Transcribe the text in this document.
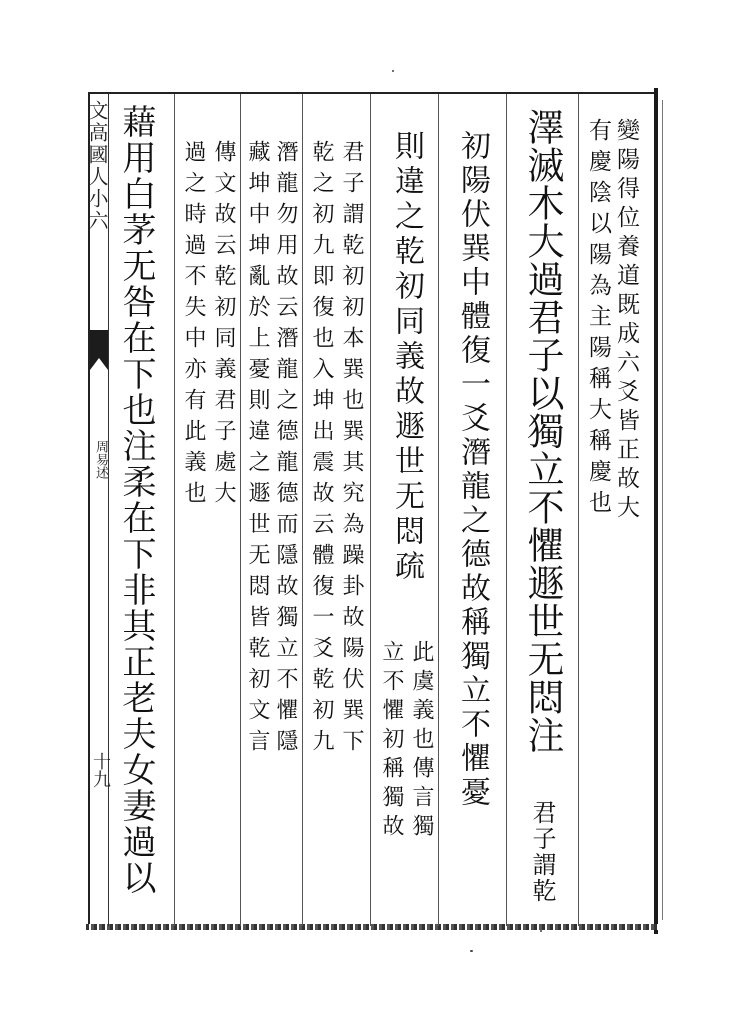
文高國人小六
周易述
十九
變陽得位養道既成六爻皆正故大
有慶陰以陽為主陽稱大稱慶也
澤滅木大過君子以獨立不懼遯世无悶注
君子謂乾
初陽伏巽中體復一爻潛龍之德故稱獨立不懼憂
則違之乾初同義故遯世无悶疏
此虞義也傳言獨
立不懼初稱獨故
君子謂乾初初本巽也巽其究為躁卦故陽伏巽下
乾之初九即復也入坤出震故云體復一爻乾初九
潛龍勿用故云潛龍之德龍德而隱故獨立不懼隱
藏坤中坤亂於上憂則違之遯世无悶皆乾初文言
傳文故云乾初同義君子處大
過之時過不失中亦有此義也
藉用白茅无咎在下也注柔在下非其正老夫女妻過以
